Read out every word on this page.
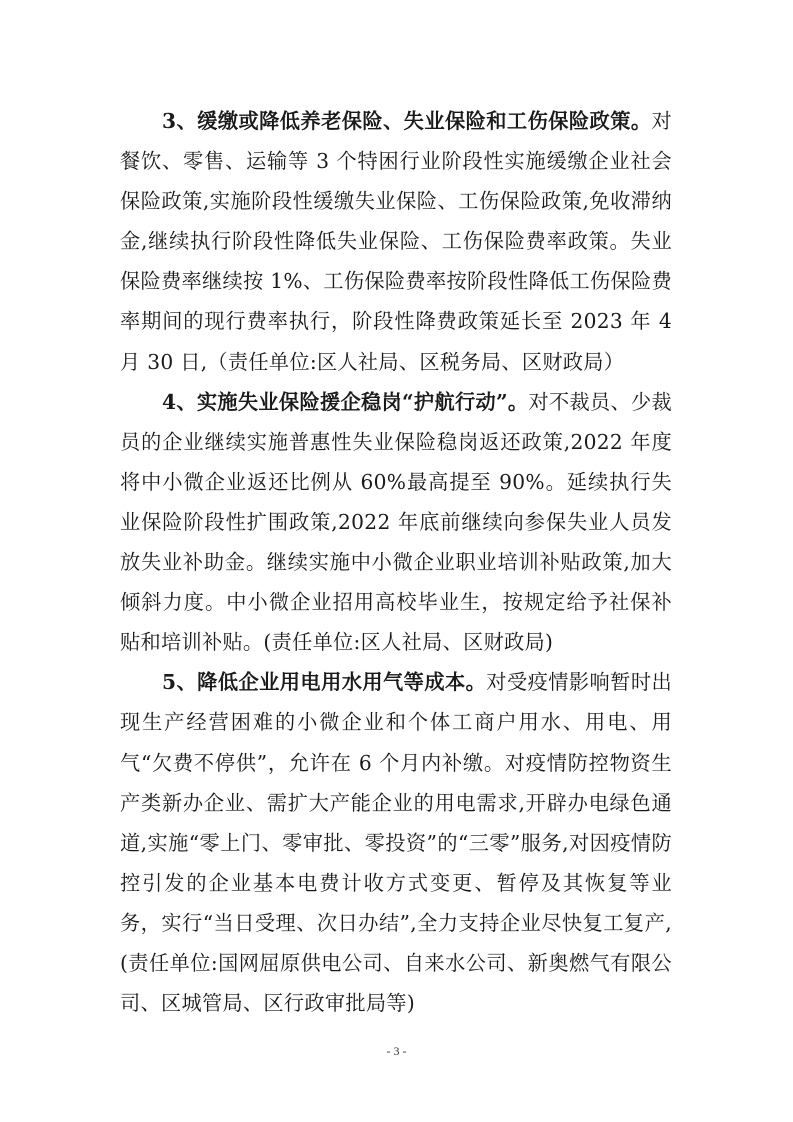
3、缓缴或降低养老保险、失业保险和工伤保险政策。对餐饮、零售、运输等 3 个特困行业阶段性实施缓缴企业社会保险政策,实施阶段性缓缴失业保险、工伤保险政策,免收滞纳金,继续执行阶段性降低失业保险、工伤保险费率政策。失业保险费率继续按 1%、工伤保险费率按阶段性降低工伤保险费率期间的现行费率执行，阶段性降费政策延长至 2023 年 4 月 30 日,（责任单位:区人社局、区税务局、区财政局）

4、实施失业保险援企稳岗“护航行动”。对不裁员、少裁员的企业继续实施普惠性失业保险稳岗返还政策,2022 年度将中小微企业返还比例从 60%最高提至 90%。延续执行失业保险阶段性扩围政策,2022 年底前继续向参保失业人员发放失业补助金。继续实施中小微企业职业培训补贴政策,加大倾斜力度。中小微企业招用高校毕业生，按规定给予社保补贴和培训补贴。(责任单位:区人社局、区财政局)

5、降低企业用电用水用气等成本。对受疫情影响暂时出现生产经营困难的小微企业和个体工商户用水、用电、用气“欠费不停供”，允许在 6 个月内补缴。对疫情防控物资生产类新办企业、需扩大产能企业的用电需求,开辟办电绿色通道,实施“零上门、零审批、零投资”的“三零”服务,对因疫情防控引发的企业基本电费计收方式变更、暂停及其恢复等业务，实行“当日受理、次日办结”,全力支持企业尽快复工复产,(责任单位:国网屈原供电公司、自来水公司、新奥燃气有限公司、区城管局、区行政审批局等)

- 3 -
